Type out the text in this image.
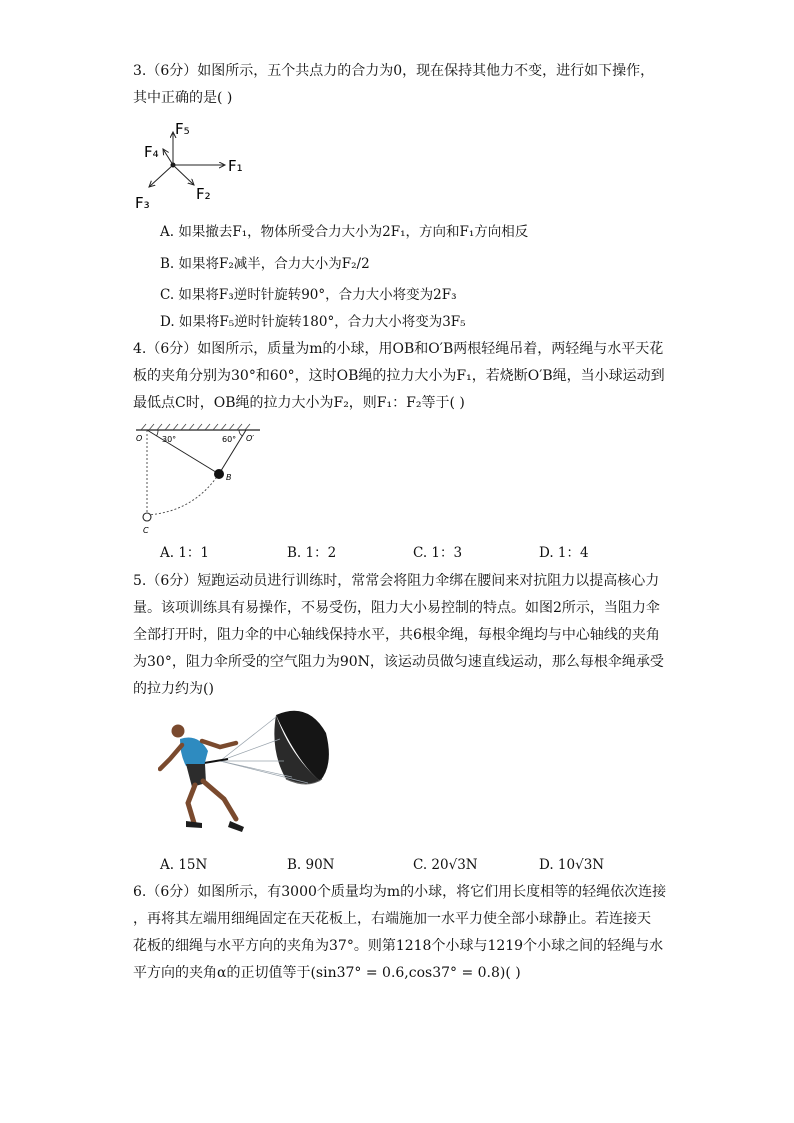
3.（6分）如图所示，五个共点力的合力为0，现在保持其他力不变，进行如下操作，
其中正确的是( )
F₁
F₅
F₄
F₂
F₃
A. 如果撤去F₁，物体所受合力大小为2F₁，方向和F₁方向相反
B. 如果将F₂减半，合力大小为F₂/2
C. 如果将F₃逆时针旋转90°，合力大小将变为2F₃
D. 如果将F₅逆时针旋转180°，合力大小将变为3F₅
4.（6分）如图所示，质量为m的小球，用OB和O′B两根轻绳吊着，两轻绳与水平天花
板的夹角分别为30°和60°，这时OB绳的拉力大小为F₁，若烧断O′B绳，当小球运动到
最低点C时，OB绳的拉力大小为F₂，则F₁：F₂等于( )
O 30°	60° O′
B
C
A. 1：1	B. 1：2	C. 1：3	D. 1：4
5.（6分）短跑运动员进行训练时，常常会将阻力伞绑在腰间来对抗阻力以提高核心力
量。该项训练具有易操作，不易受伤，阻力大小易控制的特点。如图2所示，当阻力伞
全部打开时，阻力伞的中心轴线保持水平，共6根伞绳，每根伞绳均与中心轴线的夹角
为30°，阻力伞所受的空气阻力为90N，该运动员做匀速直线运动，那么每根伞绳承受
的拉力约为()
A. 15N	B. 90N	C. 20√3N	D. 10√3N
6.（6分）如图所示，有3000个质量均为m的小球，将它们用长度相等的轻绳依次连接
，再将其左端用细绳固定在天花板上，右端施加一水平力使全部小球静止。若连接天
花板的细绳与水平方向的夹角为37°。则第1218个小球与1219个小球之间的轻绳与水
平方向的夹角α的正切值等于(sin37° = 0.6,cos37° = 0.8)( )
